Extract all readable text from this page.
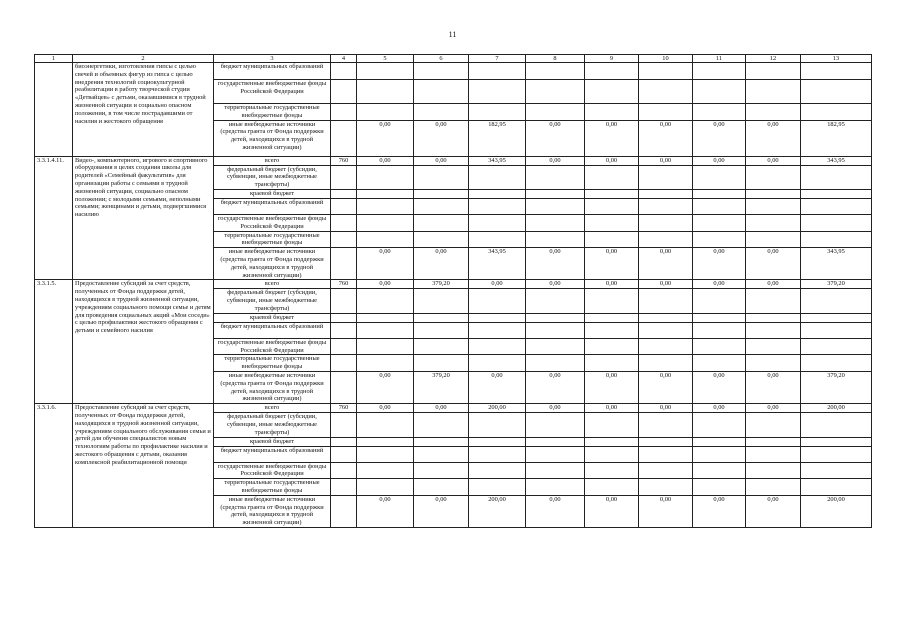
11
1	2	3	4	5	6	7	8	9	10	11	12	13
	биоэнергетики, изготовления гипсы с целью свечей и объемных фигур из гипса с целью внедрения технологий социокультурной реабилитации в работу творческой студии «Детвайцев» с детьми, оказавшимися в трудной жизненной ситуации и социально опасном положении, в том числе пострадавшими от насилия и жестокого обращения	бюджет муниципальных образований										
		государственные внебюджетные фонды Российской Федерации										
		территориальные государственные внебюджетные фонды										
		иные внебюджетные источники (средства гранта от Фонда поддержки детей, находящихся в трудной жизненной ситуации)		0,00	0,00	182,95	0,00	0,00	0,00	0,00	0,00	182,95
3.3.1.4.11.	Видео-, компьютерного, игрового и спортивного оборудования в целях создания школы для родителей «Семейный факультатив» для организации работы с семьями в трудной жизненной ситуации, социально опасном положении; с молодыми семьями, неполными семьями; женщинами и детьми, подвергшимися насилию	всего	760	0,00	0,00	343,95	0,00	0,00	0,00	0,00	0,00	343,95
		федеральный бюджет (субсидии, субвенции, иные межбюджетные трансферты)										
		краевой бюджет										
		бюджет муниципальных образований										
		государственные внебюджетные фонды Российской Федерации										
		территориальные государственные внебюджетные фонды										
		иные внебюджетные источники (средства гранта от Фонда поддержки детей, находящихся в трудной жизненной ситуации)		0,00	0,00	343,95	0,00	0,00	0,00	0,00	0,00	343,95
3.3.1.5.	Предоставление субсидий за счет средств, полученных от Фонда поддержки детей, находящихся в трудной жизненной ситуации, учреждениям социального помощи семье и детям для проведения социальных акций «Мои соседи» с целью профилактики жестокого обращения с детьми и семейного насилия	всего	760	0,00	379,20	0,00	0,00	0,00	0,00	0,00	0,00	379,20
		федеральный бюджет (субсидии, субвенции, иные межбюджетные трансферты)										
		краевой бюджет										
		бюджет муниципальных образований										
		государственные внебюджетные фонды Российской Федерации										
		территориальные государственные внебюджетные фонды										
		иные внебюджетные источники (средства гранта от Фонда поддержки детей, находящихся в трудной жизненной ситуации)		0,00	379,20	0,00	0,00	0,00	0,00	0,00	0,00	379,20
3.3.1.6.	Предоставление субсидий за счет средств, полученных от Фонда поддержки детей, находящихся в трудной жизненной ситуации, учреждениям социального обслуживания семьи и детей для обучения специалистов новым технологиям работы по профилактике насилия и жестокого обращения с детьми, оказания комплексной реабилитационной помощи	всего	760	0,00	0,00	200,00	0,00	0,00	0,00	0,00	0,00	200,00
		федеральный бюджет (субсидии, субвенции, иные межбюджетные трансферты)										
		краевой бюджет										
		бюджет муниципальных образований										
		государственные внебюджетные фонды Российской Федерации										
		территориальные государственные внебюджетные фонды										
		иные внебюджетные источники (средства гранта от Фонда поддержки детей, находящихся в трудной жизненной ситуации)		0,00	0,00	200,00	0,00	0,00	0,00	0,00	0,00	200,00
